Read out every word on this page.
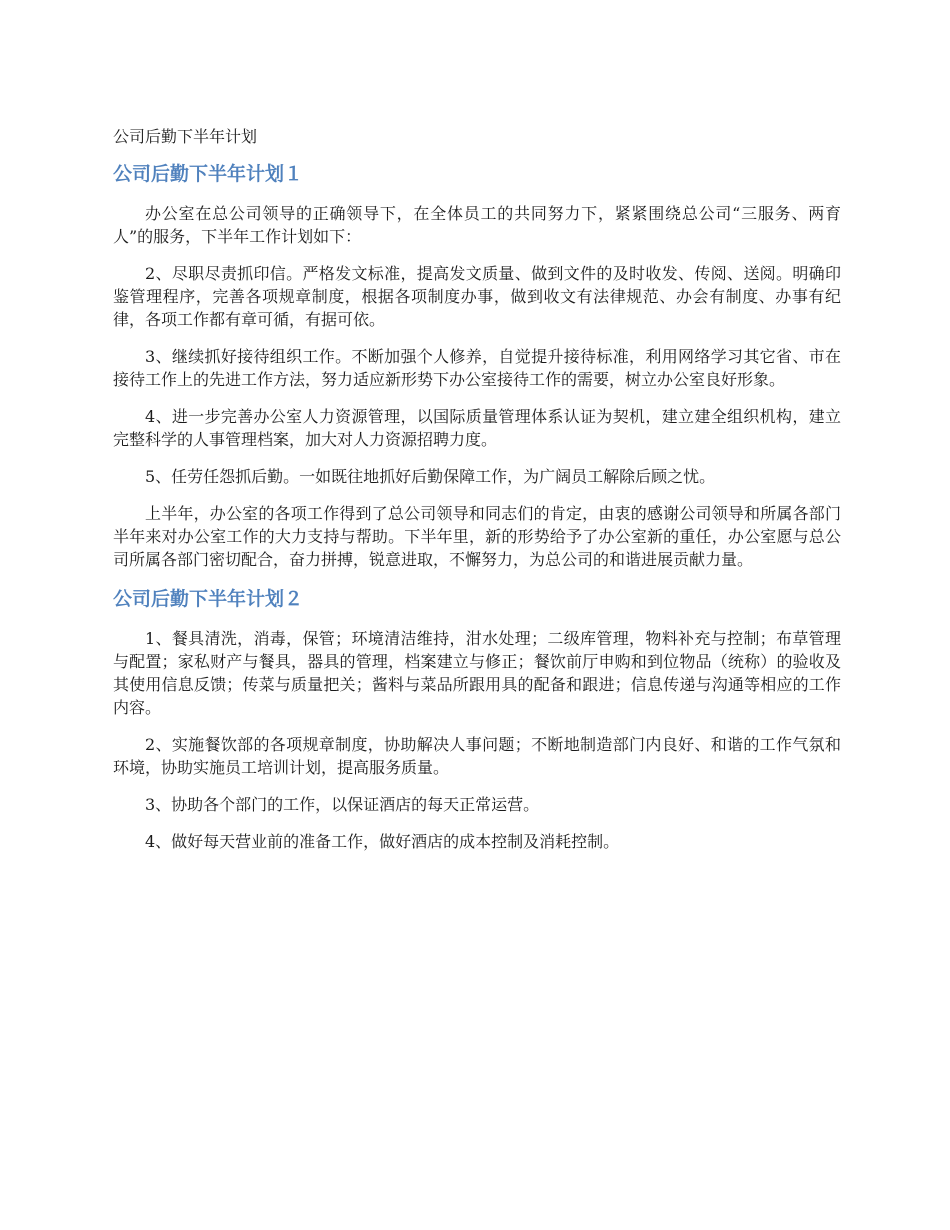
公司后勤下半年计划
公司后勤下半年计划１

办公室在总公司领导的正确领导下，在全体员工的共同努力下，紧紧围绕总公司“三服务、两育人”的服务，下半年工作计划如下：

2、尽职尽责抓印信。严格发文标准，提高发文质量、做到文件的及时收发、传阅、送阅。明确印鉴管理程序，完善各项规章制度，根据各项制度办事，做到收文有法律规范、办会有制度、办事有纪律，各项工作都有章可循，有据可依。

3、继续抓好接待组织工作。不断加强个人修养，自觉提升接待标准，利用网络学习其它省、市在接待工作上的先进工作方法，努力适应新形势下办公室接待工作的需要，树立办公室良好形象。

4、进一步完善办公室人力资源管理，以国际质量管理体系认证为契机，建立建全组织机构，建立完整科学的人事管理档案，加大对人力资源招聘力度。

5、任劳任怨抓后勤。一如既往地抓好后勤保障工作，为广阔员工解除后顾之忧。

上半年，办公室的各项工作得到了总公司领导和同志们的肯定，由衷的感谢公司领导和所属各部门半年来对办公室工作的大力支持与帮助。下半年里，新的形势给予了办公室新的重任，办公室愿与总公司所属各部门密切配合，奋力拼搏，锐意进取，不懈努力，为总公司的和谐进展贡献力量。

公司后勤下半年计划２

1、餐具清洗，消毒，保管；环境清洁维持，泔水处理；二级库管理，物料补充与控制；布草管理与配置；家私财产与餐具，器具的管理，档案建立与修正；餐饮前厅申购和到位物品（统称）的验收及其使用信息反馈；传菜与质量把关；酱料与菜品所跟用具的配备和跟进；信息传递与沟通等相应的工作内容。

2、实施餐饮部的各项规章制度，协助解决人事问题；不断地制造部门内良好、和谐的工作气氛和环境，协助实施员工培训计划，提高服务质量。

3、协助各个部门的工作，以保证酒店的每天正常运营。

4、做好每天营业前的准备工作，做好酒店的成本控制及消耗控制。
